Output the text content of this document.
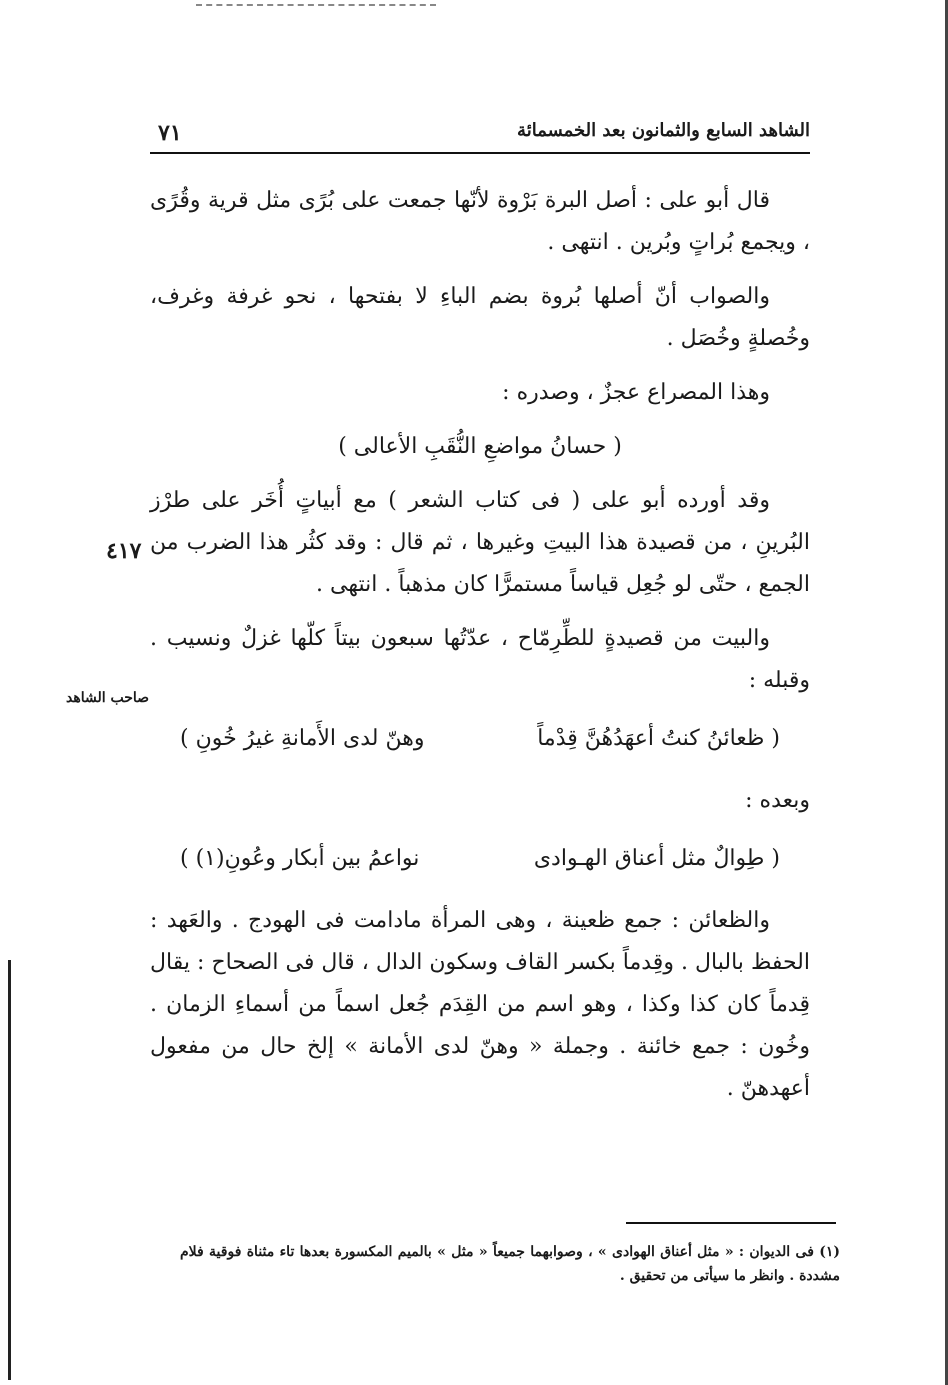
الشاهد السابع والثمانون بعد الخمسمائة
٧١
٤١٧
صاحب الشاهد

قال أبو على : أصل البرة بَرْوة لأنّها جمعت على بُرًى مثل قرية وقُرًى ، ويجمع بُراتٍ وبُرين . انتهى .

والصواب أنّ أصلها بُروة بضم الباءِ لا بفتحها ، نحو غرفة وغرف، وخُصلةٍ وخُصَل .

وهذا المصراع عجزٌ ، وصدره :

( حسانُ مواضعِ النُّقَبِ الأعالى )

وقد أورده أبو على ( فى كتاب الشعر ) مع أبياتٍ أُخَر على طرْز البُرينِ ، من قصيدة هذا البيتِ وغيرها ، ثم قال : وقد كثُر هذا الضرب من الجمع ، حتّى لو جُعِل قياساً مستمرًّا كان مذهباً . انتهى .

والبيت من قصيدةٍ للطِّرِمّاح ، عدّتُها سبعون بيتاً كلّها غزلٌ ونسيب . وقبله :

( ظعائنُ كنتُ أعهَدُهُنَّ قِدْماً
وهنّ لدى الأَمانةِ غيرُ خُونِ )

وبعده :

( طِوالٌ مثل أعناق الهـوادى
نواعمُ بين أبكار وعُونِ(١) )

والظعائن : جمع ظعينة ، وهى المرأة مادامت فى الهودج . والعَهد : الحفظ بالبال . وقِدماً بكسر القاف وسكون الدال ، قال فى الصحاح : يقال قِدماً كان كذا وكذا ، وهو اسم من القِدَم جُعل اسماً من أسماءِ الزمان . وخُون : جمع خائنة . وجملة « وهنّ لدى الأمانة » إلخ حال من مفعول أعهدهنّ .

(١) فى الديوان : « مثل أعناق الهوادى » ، وصوابهما جميعاً « مثل » بالميم المكسورة بعدها تاء مثناة فوقية فلام مشددة . وانظر ما سيأتى من تحقيق .
